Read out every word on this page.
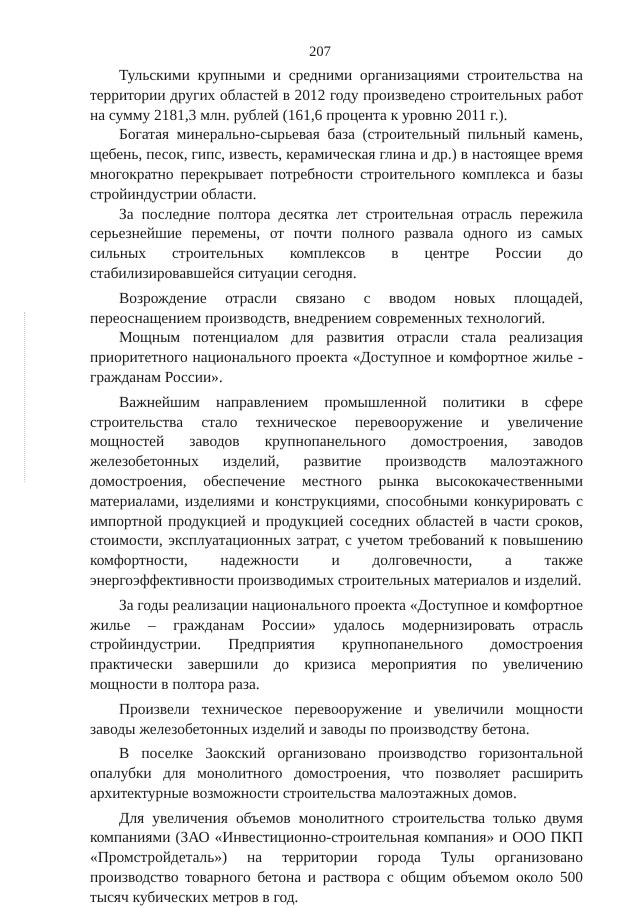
207

Тульскими крупными и средними организациями строительства на территории других областей в 2012 году произведено строительных работ на сумму 2181,3 млн. рублей (161,6 процента к уровню 2011 г.).

Богатая минерально-сырьевая база (строительный пильный камень, щебень, песок, гипс, известь, керамическая глина и др.) в настоящее время многократно перекрывает потребности строительного комплекса и базы стройиндустрии области.

За последние полтора десятка лет строительная отрасль пережила серьезнейшие перемены, от почти полного развала одного из самых сильных строительных комплексов в центре России до стабилизировавшейся ситуации сегодня.

Возрождение отрасли связано с вводом новых площадей, переоснащением производств, внедрением современных технологий.

Мощным потенциалом для развития отрасли стала реализация приоритетного национального проекта «Доступное и комфортное жилье - гражданам России».

Важнейшим направлением промышленной политики в сфере строительства стало техническое перевооружение и увеличение мощностей заводов крупнопанельного домостроения, заводов железобетонных изделий, развитие производств малоэтажного домостроения, обеспечение местного рынка высококачественными материалами, изделиями и конструкциями, способными конкурировать с импортной продукцией и продукцией соседних областей в части сроков, стоимости, эксплуатационных затрат, с учетом требований к повышению комфортности, надежности и долговечности, а также энергоэффективности производимых строительных материалов и изделий.

За годы реализации национального проекта «Доступное и комфортное жилье – гражданам России» удалось модернизировать отрасль стройиндустрии. Предприятия крупнопанельного домостроения практически завершили до кризиса мероприятия по увеличению мощности в полтора раза.

Произвели техническое перевооружение и увеличили мощности заводы железобетонных изделий и заводы по производству бетона.

В поселке Заокский организовано производство горизонтальной опалубки для монолитного домостроения, что позволяет расширить архитектурные возможности строительства малоэтажных домов.

Для увеличения объемов монолитного строительства только двумя компаниями (ЗАО «Инвестиционно-строительная компания» и ООО ПКП «Промстройдеталь») на территории города Тулы организовано производство товарного бетона и раствора с общим объемом около 500 тысяч кубических метров в год.
